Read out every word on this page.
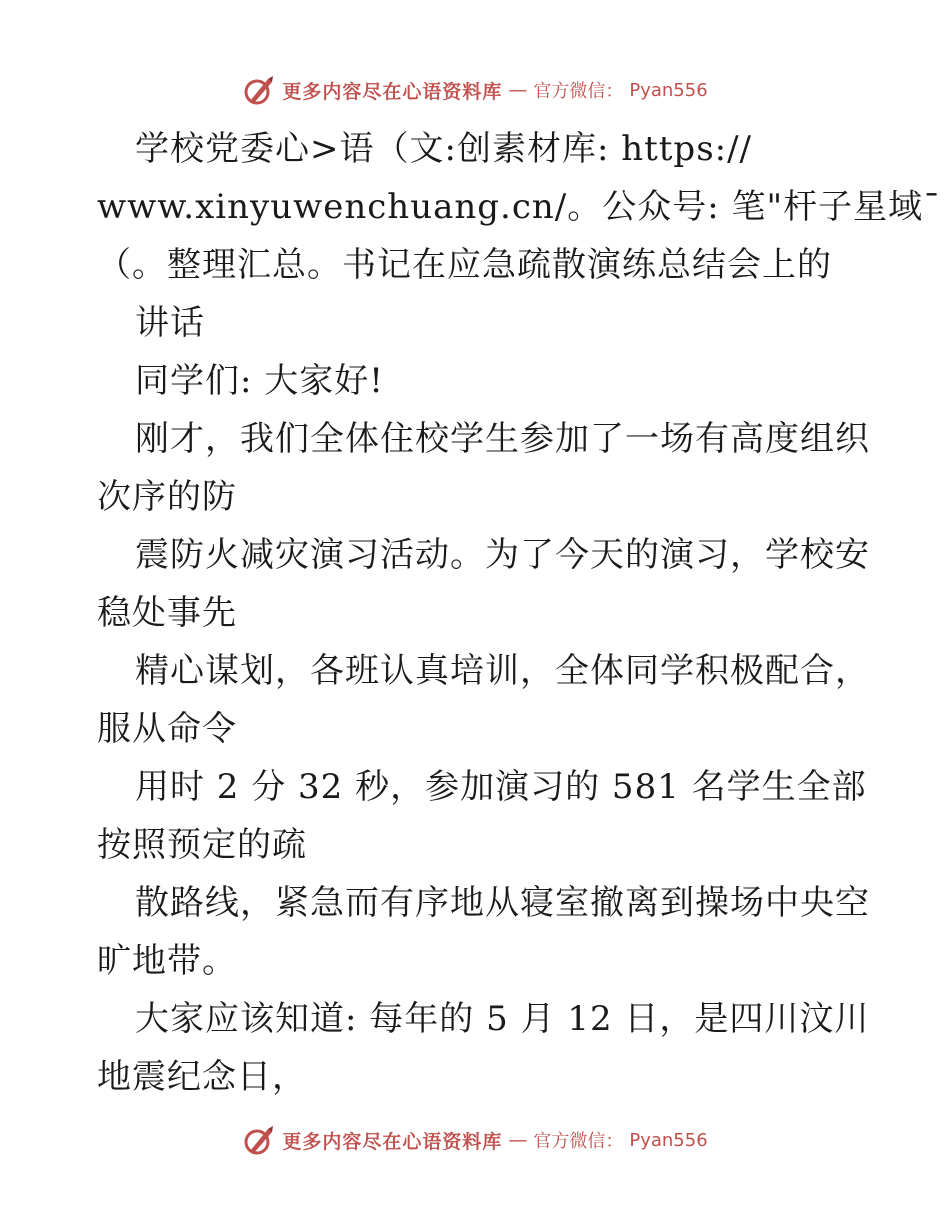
更多内容尽在心语资料库 — 官方微信： Pyan556
学校党委心>语（文:创素材库: https://
www.xinyuwenchuang.cn/。公众号: 笔"杆子星域¯
（。整理汇总。书记在应急疏散演练总结会上的
讲话
同学们: 大家好!
刚才，我们全体住校学生参加了一场有高度组织
次序的防
震防火减灾演习活动。为了今天的演习，学校安
稳处事先
精心谋划，各班认真培训，全体同学积极配合，
服从命令
用时 2 分 32 秒，参加演习的 581 名学生全部
按照预定的疏
散路线，紧急而有序地从寝室撤离到操场中央空
旷地带。
大家应该知道: 每年的 5 月 12 日，是四川汶川
地震纪念日，
更多内容尽在心语资料库 — 官方微信： Pyan556
